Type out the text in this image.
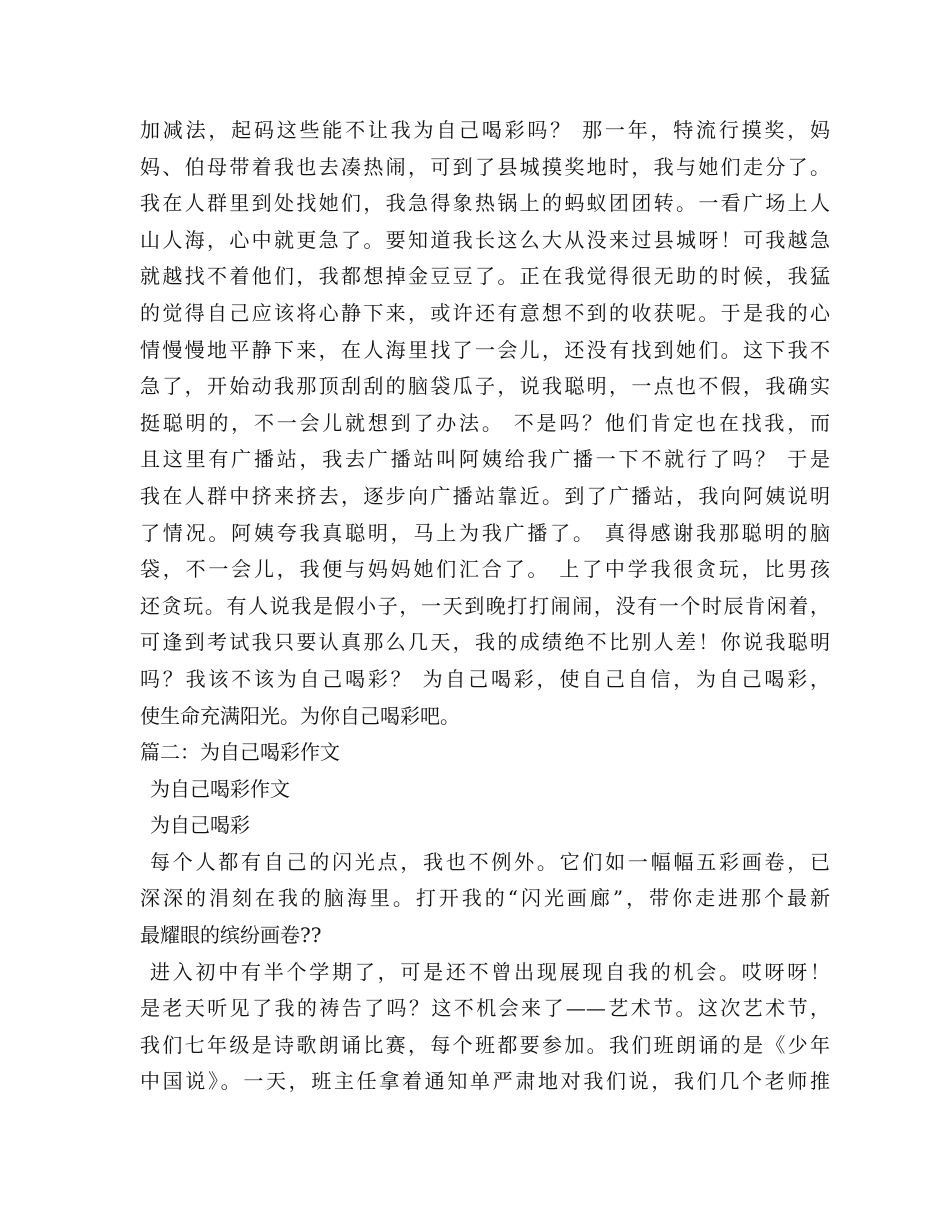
加减法，起码这些能不让我为自己喝彩吗？ 那一年，特流行摸奖，妈
妈、伯母带着我也去凑热闹，可到了县城摸奖地时，我与她们走分了。
我在人群里到处找她们，我急得象热锅上的蚂蚁团团转。一看广场上人
山人海，心中就更急了。要知道我长这么大从没来过县城呀！可我越急
就越找不着他们，我都想掉金豆豆了。正在我觉得很无助的时候，我猛
的觉得自己应该将心静下来，或许还有意想不到的收获呢。于是我的心
情慢慢地平静下来，在人海里找了一会儿，还没有找到她们。这下我不
急了，开始动我那顶刮刮的脑袋瓜子，说我聪明，一点也不假，我确实
挺聪明的，不一会儿就想到了办法。 不是吗？他们肯定也在找我，而
且这里有广播站，我去广播站叫阿姨给我广播一下不就行了吗？ 于是
我在人群中挤来挤去，逐步向广播站靠近。到了广播站，我向阿姨说明
了情况。阿姨夸我真聪明，马上为我广播了。 真得感谢我那聪明的脑
袋，不一会儿，我便与妈妈她们汇合了。 上了中学我很贪玩，比男孩
还贪玩。有人说我是假小子，一天到晚打打闹闹，没有一个时辰肯闲着，
可逢到考试我只要认真那么几天，我的成绩绝不比别人差！你说我聪明
吗？我该不该为自己喝彩？ 为自己喝彩，使自己自信，为自己喝彩，
使生命充满阳光。为你自己喝彩吧。
篇二：为自己喝彩作文
为自己喝彩作文
为自己喝彩
每个人都有自己的闪光点，我也不例外。它们如一幅幅五彩画卷，已
深深的涓刻在我的脑海里。打开我的“闪光画廊”，带你走进那个最新
最耀眼的缤纷画卷??
进入初中有半个学期了，可是还不曾出现展现自我的机会。哎呀呀！
是老天听见了我的祷告了吗？这不机会来了——艺术节。这次艺术节，
我们七年级是诗歌朗诵比赛，每个班都要参加。我们班朗诵的是《少年
中国说》。一天，班主任拿着通知单严肃地对我们说，我们几个老师推
